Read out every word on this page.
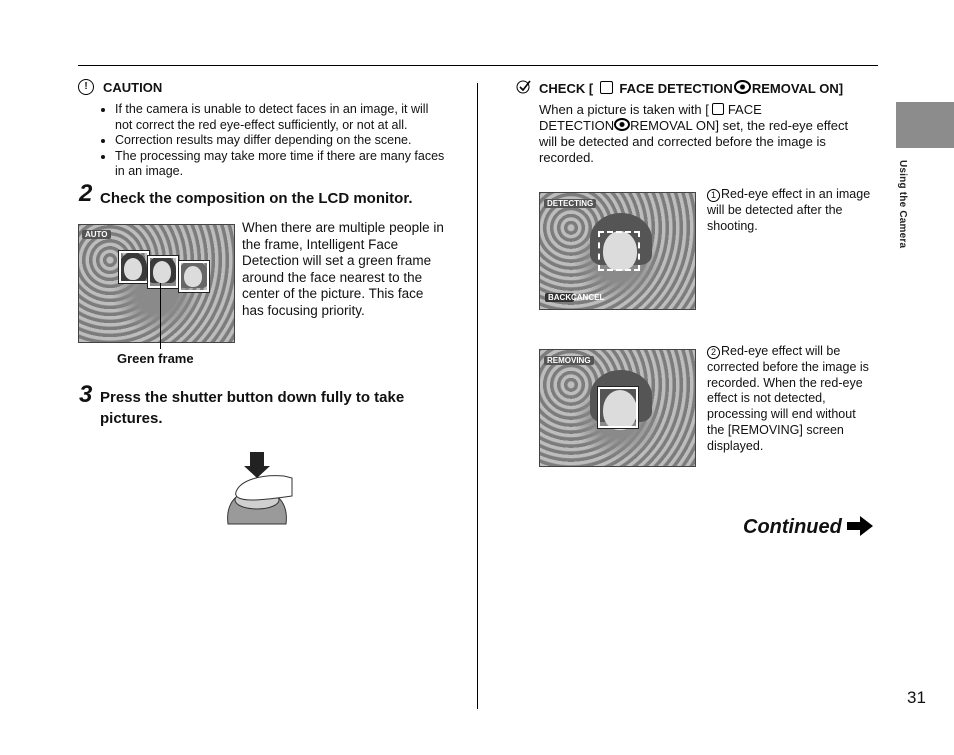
Using the Camera
!	CAUTION
• If the camera is unable to detect faces in an image, it will not correct the red eye-effect sufficiently, or not at all.
• Correction results may differ depending on the scene.
• The processing may take more time if there are many faces in an image.
2 Check the composition on the LCD monitor.
AUTO
Green frame
When there are multiple people in the frame, Intelligent Face Detection will set a green frame around the face nearest to the center of the picture. This face has focusing priority.
3 Press the shutter button down fully to take pictures.
CHECK [ FACE DETECTION REMOVAL ON]
When a picture is taken with [ FACE
DETECTION REMOVAL ON] set, the red-eye effect will be detected and corrected before the image is recorded.
DETECTING
BACK CANCEL
1 Red-eye effect in an image will be detected after the shooting.
REMOVING
2 Red-eye effect will be corrected before the image is recorded. When the red-eye effect is not detected, processing will end without the [REMOVING] screen displayed.
Continued
31
